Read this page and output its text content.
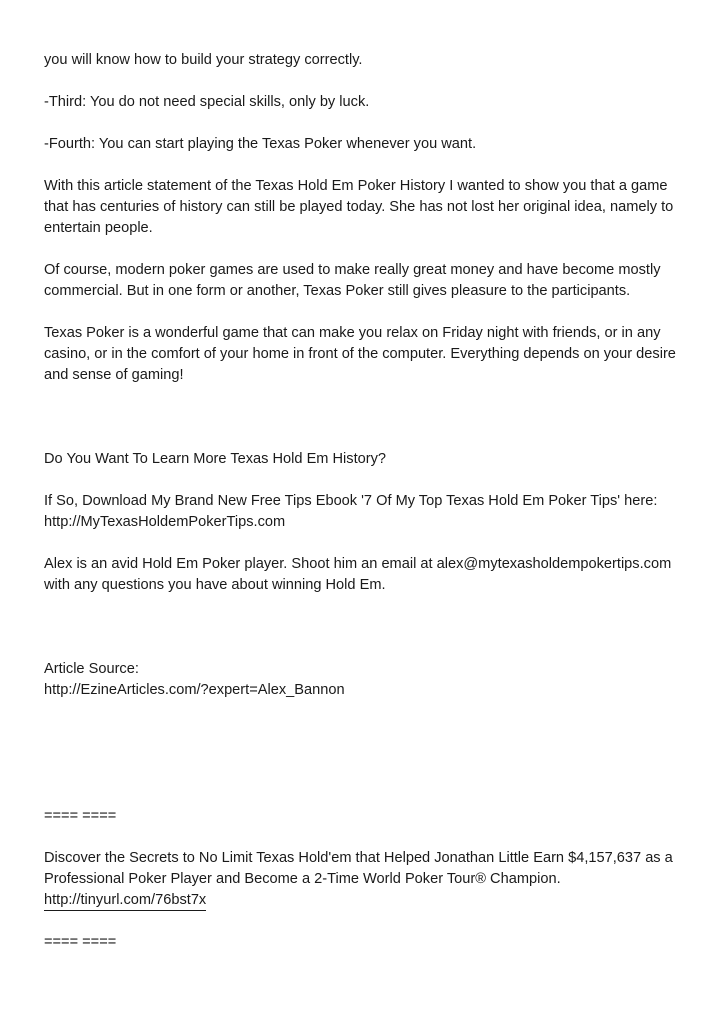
you will know how to build your strategy correctly.

-Third: You do not need special skills, only by luck.

-Fourth: You can start playing the Texas Poker whenever you want.

With this article statement of the Texas Hold Em Poker History I wanted to show you that a game
that has centuries of history can still be played today. She has not lost her original idea, namely to
entertain people.

Of course, modern poker games are used to make really great money and have become mostly
commercial. But in one form or another, Texas Poker still gives pleasure to the participants.

Texas Poker is a wonderful game that can make you relax on Friday night with friends, or in any
casino, or in the comfort of your home in front of the computer. Everything depends on your desire
and sense of gaming!

Do You Want To Learn More Texas Hold Em History?

If So, Download My Brand New Free Tips Ebook '7 Of My Top Texas Hold Em Poker Tips' here:
http://MyTexasHoldemPokerTips.com

Alex is an avid Hold Em Poker player. Shoot him an email at alex@mytexasholdempokertips.com
with any questions you have about winning Hold Em.

Article Source:
http://EzineArticles.com/?expert=Alex_Bannon

==== ====

Discover the Secrets to No Limit Texas Hold'em that Helped Jonathan Little Earn $4,157,637 as a
Professional Poker Player and Become a 2-Time World Poker Tour® Champion.
http://tinyurl.com/76bst7x

==== ====
